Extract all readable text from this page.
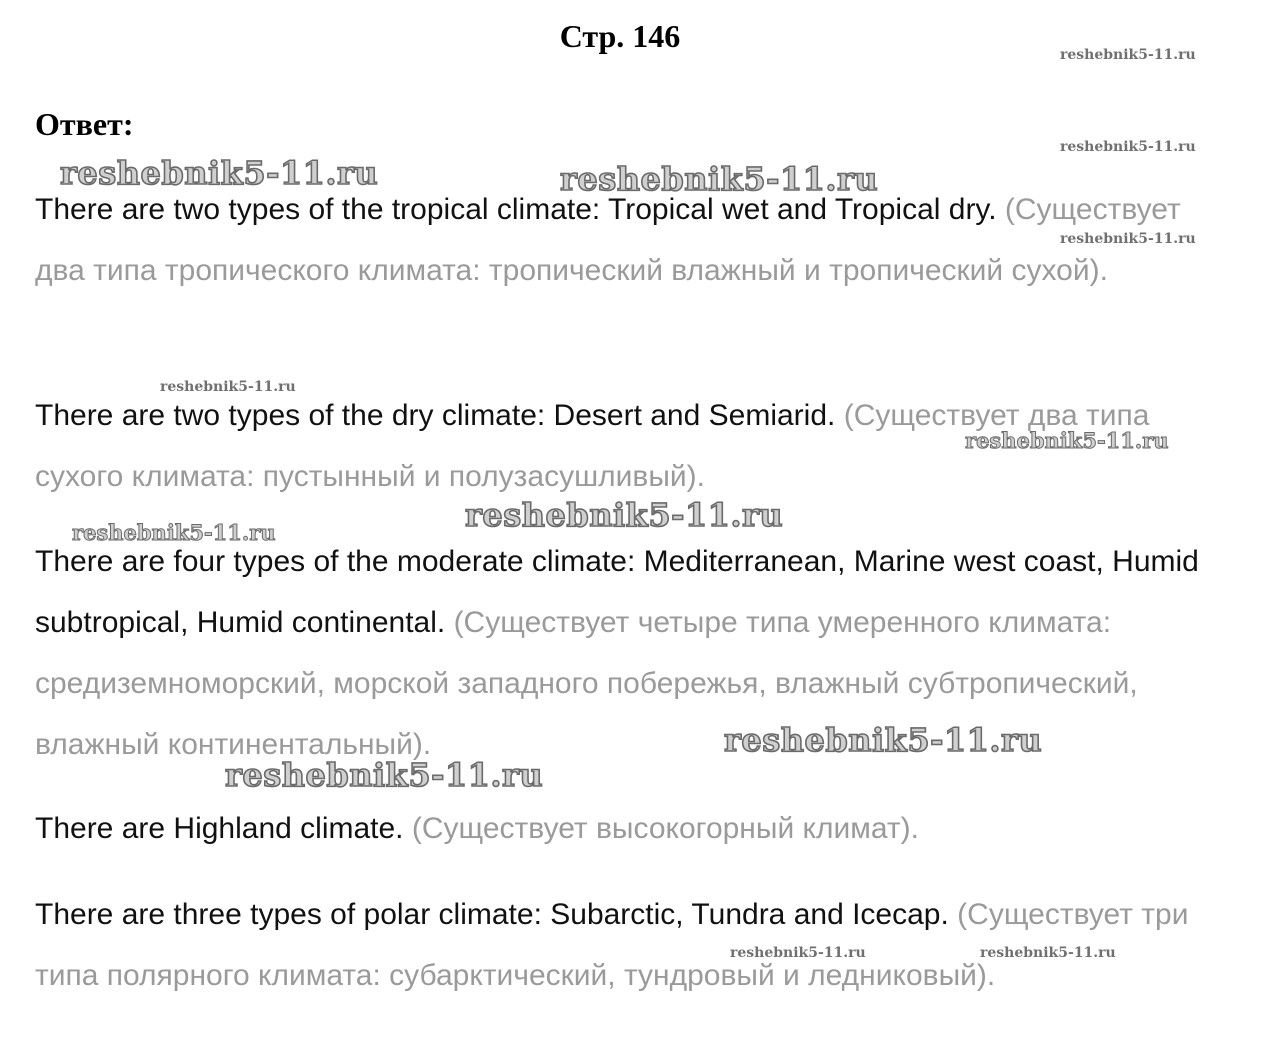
Стр. 146
Ответ:

There are two types of the tropical climate: Tropical wet and Tropical dry. (Существует два типа тропического климата: тропический влажный и тропический сухой).

There are two types of the dry climate: Desert and Semiarid. (Существует два типа сухого климата: пустынный и полузасушливый).

There are four types of the moderate climate: Mediterranean, Marine west coast, Humid subtropical, Humid continental. (Существует четыре типа умеренного климата: средиземноморский, морской западного побережья, влажный субтропический, влажный континентальный).

There are Highland climate. (Существует высокогорный климат).

There are three types of polar climate: Subarctic, Tundra and Icecap. (Существует три типа полярного климата: субарктический, тундровый и ледниковый).

reshebnik5-11.ru
reshebnik5-11.ru
reshebnik5-11.ru
reshebnik5-11.ru	reshebnik5-11.ru
reshebnik5-11.ru
reshebnik5-11.ru
reshebnik5-11.ru
reshebnik5-11.ru
reshebnik5-11.ru
reshebnik5-11.ru
reshebnik5-11.ru	reshebnik5-11.ru
